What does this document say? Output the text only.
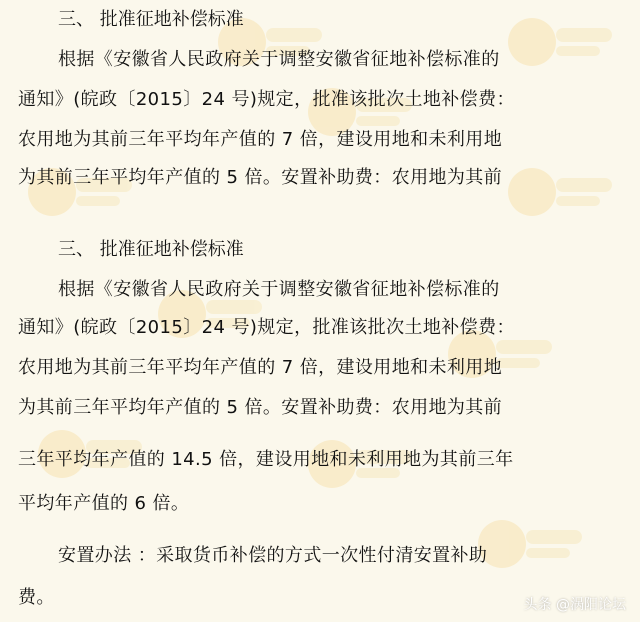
三、 批准征地补偿标准
根据《安徽省人民政府关于调整安徽省征地补偿标准的
通知》(皖政〔2015〕24 号)规定，批准该批次土地补偿费：
农用地为其前三年平均年产值的 7 倍，建设用地和未利用地
为其前三年平均年产值的 5 倍。安置补助费：农用地为其前
三、 批准征地补偿标准
根据《安徽省人民政府关于调整安徽省征地补偿标准的
通知》(皖政〔2015〕24 号)规定，批准该批次土地补偿费：
农用地为其前三年平均年产值的 7 倍，建设用地和未利用地
为其前三年平均年产值的 5 倍。安置补助费：农用地为其前
三年平均年产值的 14.5 倍，建设用地和未利用地为其前三年
平均年产值的 6 倍。
安置办法 ：采取货币补偿的方式一次性付清安置补助
费。	头条 @涡阳论坛
